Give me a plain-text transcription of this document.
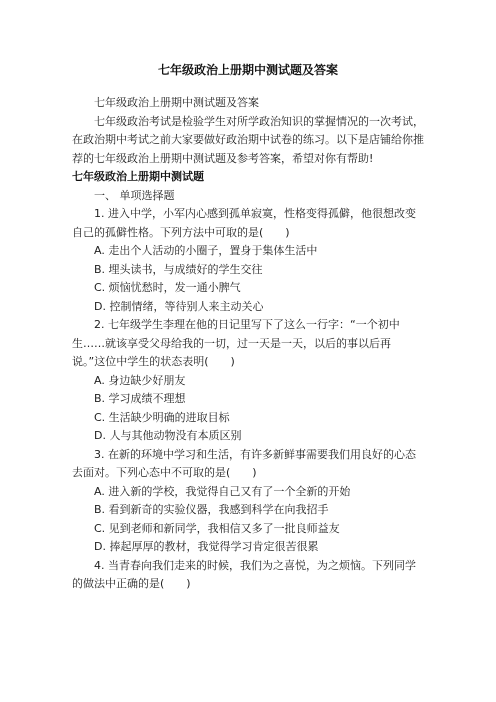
七年级政治上册期中测试题及答案

七年级政治上册期中测试题及答案

七年级政治考试是检验学生对所学政治知识的掌握情况的一次考试，在政治期中考试之前大家要做好政治期中试卷的练习。以下是店铺给你推荐的七年级政治上册期中测试题及参考答案，希望对你有帮助!

七年级政治上册期中测试题

一、 单项选择题

1. 进入中学，小军内心感到孤单寂寞，性格变得孤僻，他很想改变自己的孤僻性格。下列方法中可取的是(　　)

A. 走出个人活动的小圈子，置身于集体生活中

B. 埋头读书，与成绩好的学生交往

C. 烦恼忧愁时，发一通小脾气

D. 控制情绪，等待别人来主动关心

2. 七年级学生李理在他的日记里写下了这么一行字：“一个初中生……就该享受父母给我的一切，过一天是一天，以后的事以后再说。”这位中学生的状态表明(　　)

A. 身边缺少好朋友

B. 学习成绩不理想

C. 生活缺少明确的进取目标

D. 人与其他动物没有本质区别

3. 在新的环境中学习和生活，有许多新鲜事需要我们用良好的心态去面对。下列心态中不可取的是(　　)

A. 进入新的学校，我觉得自己又有了一个全新的开始

B. 看到新奇的实验仪器，我感到科学在向我招手

C. 见到老师和新同学，我相信又多了一批良师益友

D. 捧起厚厚的教材，我觉得学习肯定很苦很累

4. 当青春向我们走来的时候，我们为之喜悦，为之烦恼。下列同学的做法中正确的是(　　)
